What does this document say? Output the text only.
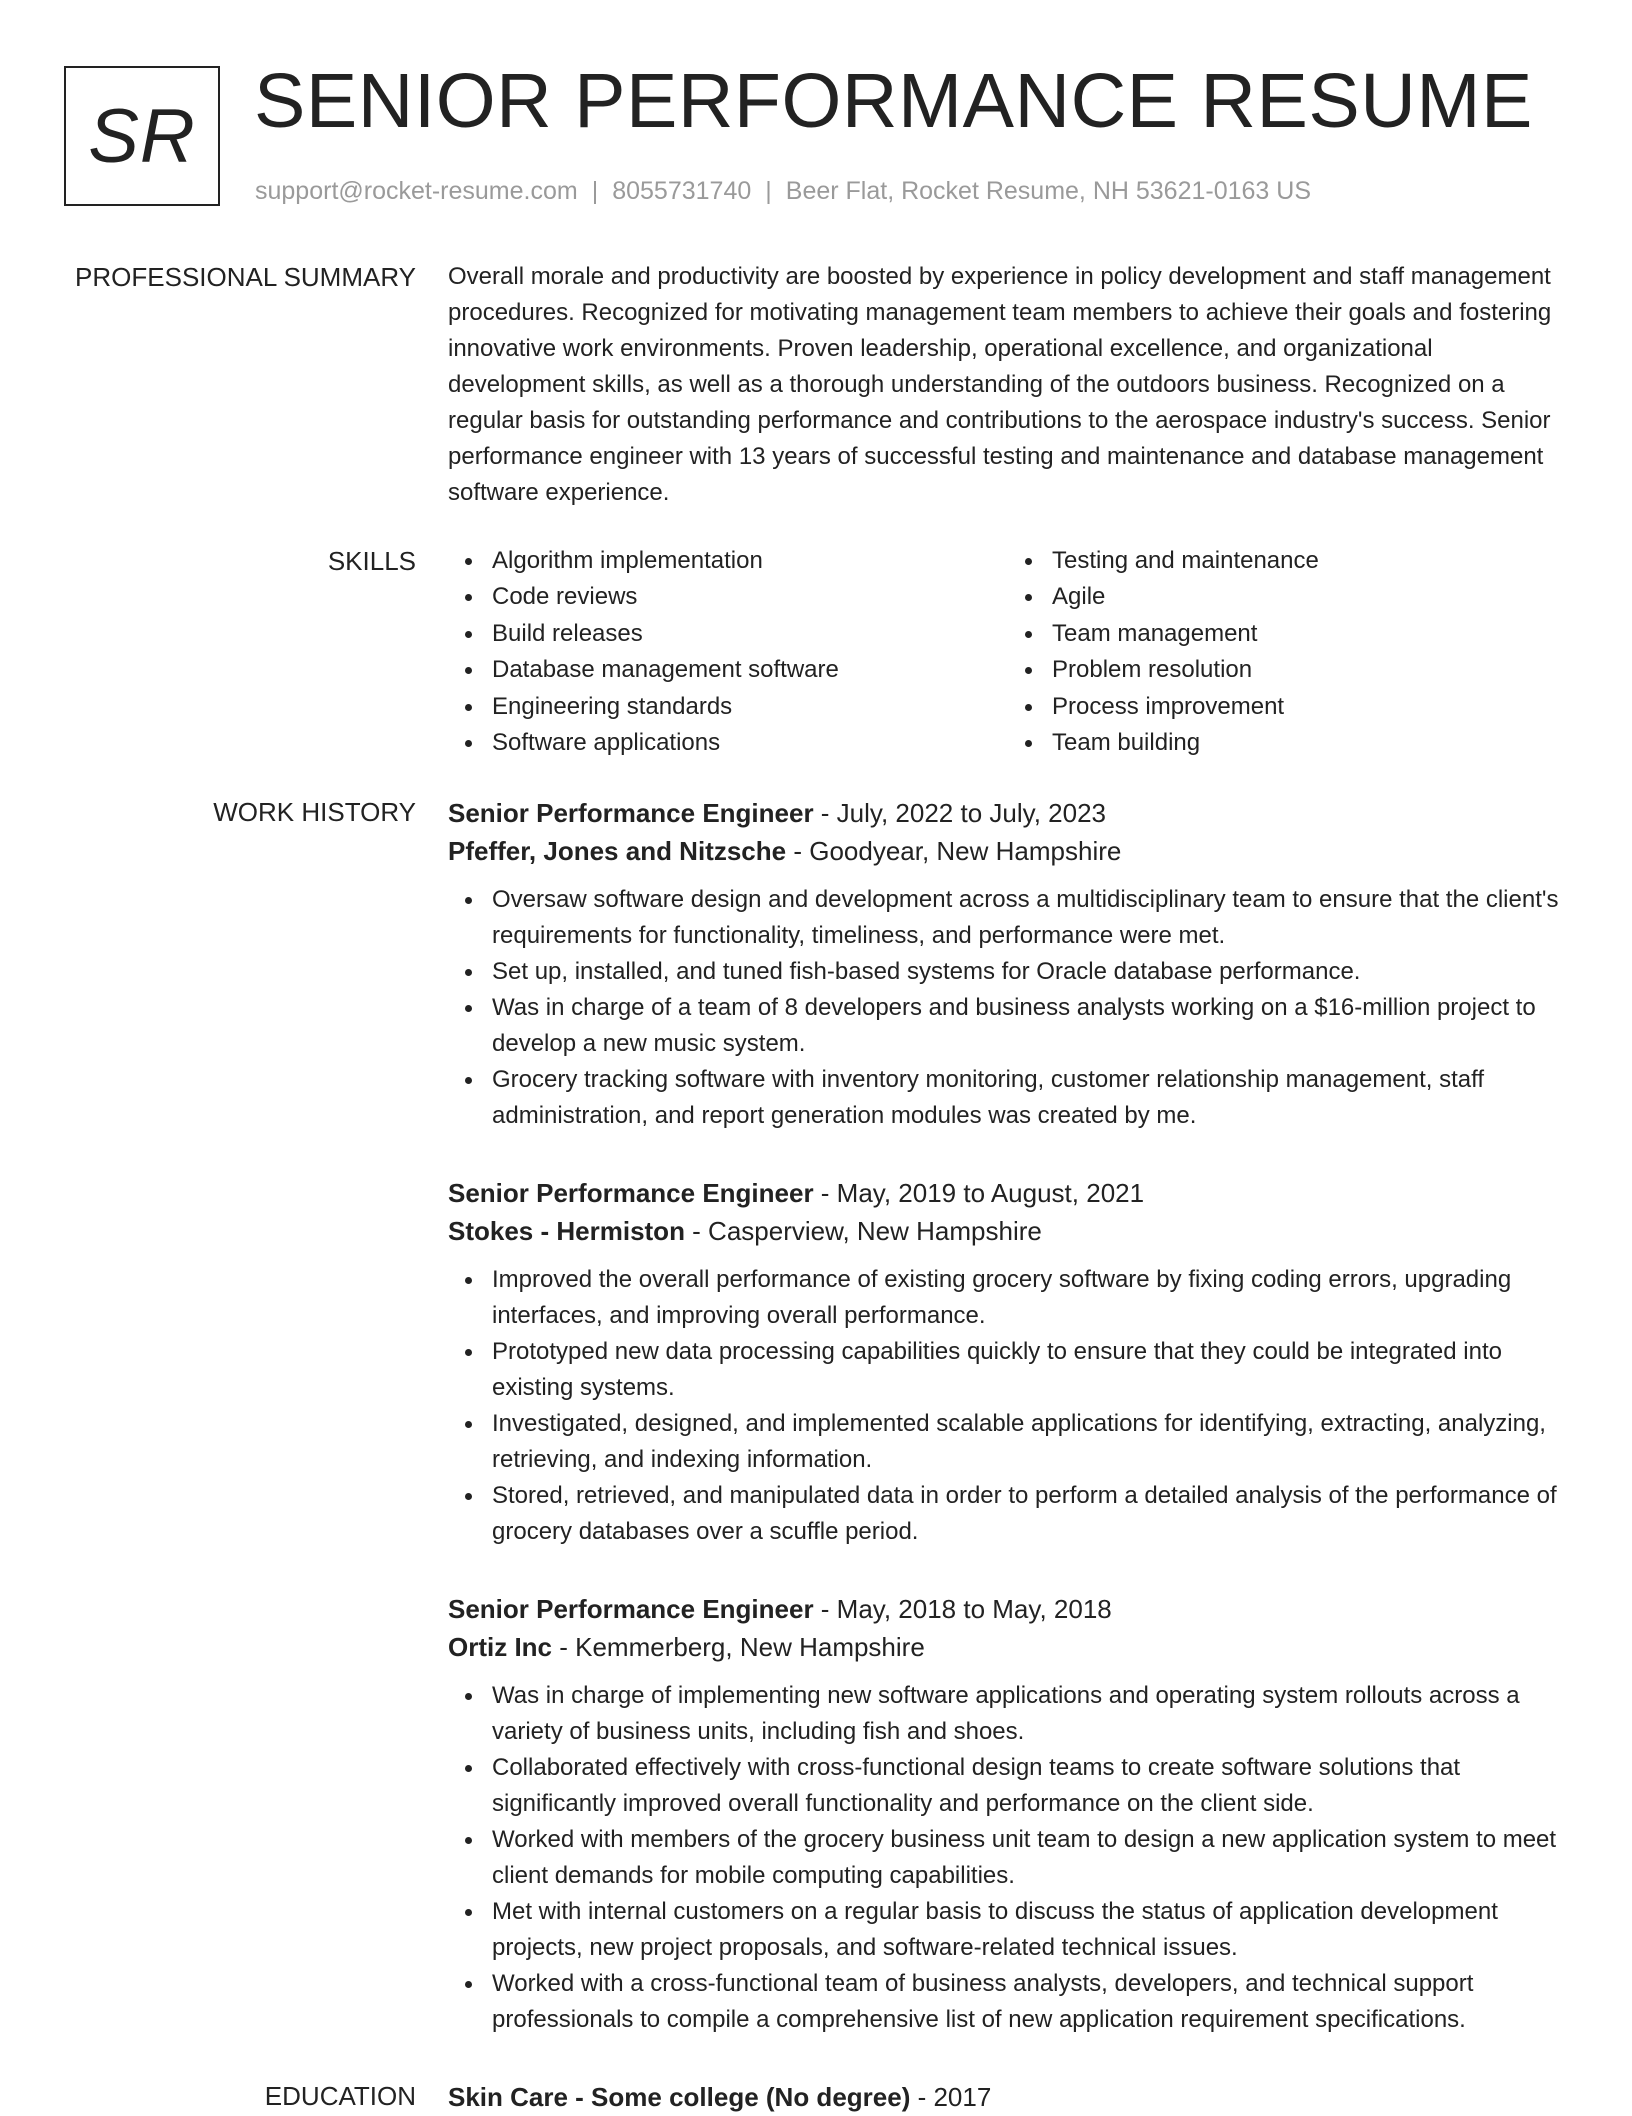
SR SENIOR PERFORMANCE RESUME
support@rocket-resume.com | 8055731740 | Beer Flat, Rocket Resume, NH 53621-0163 US
PROFESSIONAL SUMMARY Overall morale and productivity are boosted by experience in policy development and staff management procedures. Recognized for motivating management team members to achieve their goals and fostering innovative work environments. Proven leadership, operational excellence, and organizational development skills, as well as a thorough understanding of the outdoors business. Recognized on a regular basis for outstanding performance and contributions to the aerospace industry's success. Senior performance engineer with 13 years of successful testing and maintenance and database management software experience.

SKILLS	Algorithm implementation
Code reviews
Build releases
Database management software
Engineering standards
Software applications
Testing and maintenance
Agile
Team management
Problem resolution
Process improvement
Team building
WORK HISTORY Senior Performance Engineer - July, 2022 to July, 2023
Pfeffer, Jones and Nitzsche - Goodyear, New Hampshire
Oversaw software design and development across a multidisciplinary team to ensure that the client's requirements for functionality, timeliness, and performance were met.
Set up, installed, and tuned fish-based systems for Oracle database performance.
Was in charge of a team of 8 developers and business analysts working on a $16-million project to develop a new music system.
Grocery tracking software with inventory monitoring, customer relationship management, staff administration, and report generation modules was created by me.
Senior Performance Engineer - May, 2019 to August, 2021
Stokes - Hermiston - Casperview, New Hampshire
Improved the overall performance of existing grocery software by fixing coding errors, upgrading interfaces, and improving overall performance.
Prototyped new data processing capabilities quickly to ensure that they could be integrated into existing systems.
Investigated, designed, and implemented scalable applications for identifying, extracting, analyzing, retrieving, and indexing information.
Stored, retrieved, and manipulated data in order to perform a detailed analysis of the performance of grocery databases over a scuffle period.
Senior Performance Engineer - May, 2018 to May, 2018
Ortiz Inc - Kemmerberg, New Hampshire
Was in charge of implementing new software applications and operating system rollouts across a variety of business units, including fish and shoes.
Collaborated effectively with cross-functional design teams to create software solutions that significantly improved overall functionality and performance on the client side.
Worked with members of the grocery business unit team to design a new application system to meet client demands for mobile computing capabilities.
Met with internal customers on a regular basis to discuss the status of application development projects, new project proposals, and software-related technical issues.
Worked with a cross-functional team of business analysts, developers, and technical support professionals to compile a comprehensive list of new application requirement specifications.
EDUCATION Skin Care - Some college (No degree) - 2017
